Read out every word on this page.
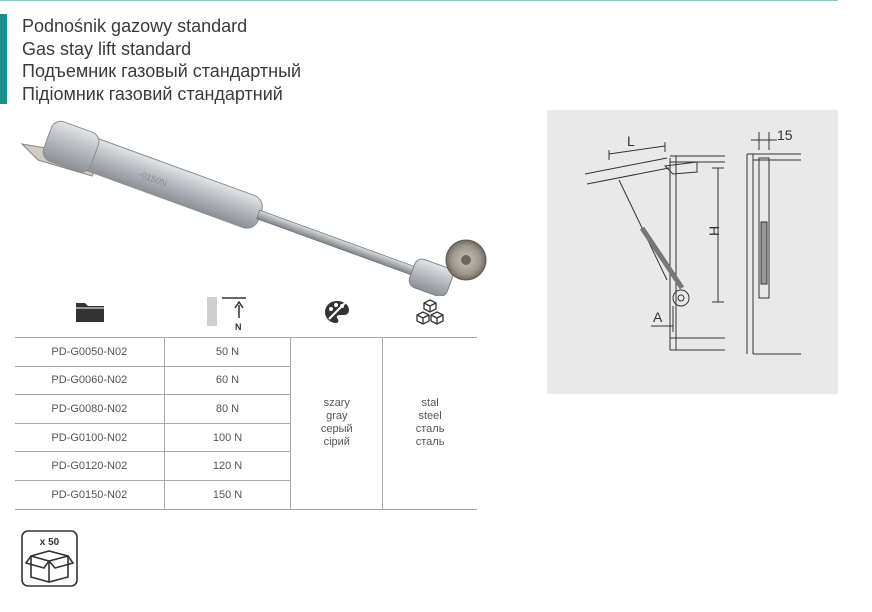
Podnośnik gazowy standard
Gas stay lift standard
Подъемник газовый стандартный
Підіомник газовий стандартний
-0150N
L
H
A
15
N
PD-G0050-N02	50 N	szary
gray
серый
сірий	stal
steel
сталь
сталь

PD-G0060-N02	60 N		
PD-G0080-N02	80 N		
PD-G0100-N02	100 N		
PD-G0120-N02	120 N		
PD-G0150-N02	150 N		
x 50
